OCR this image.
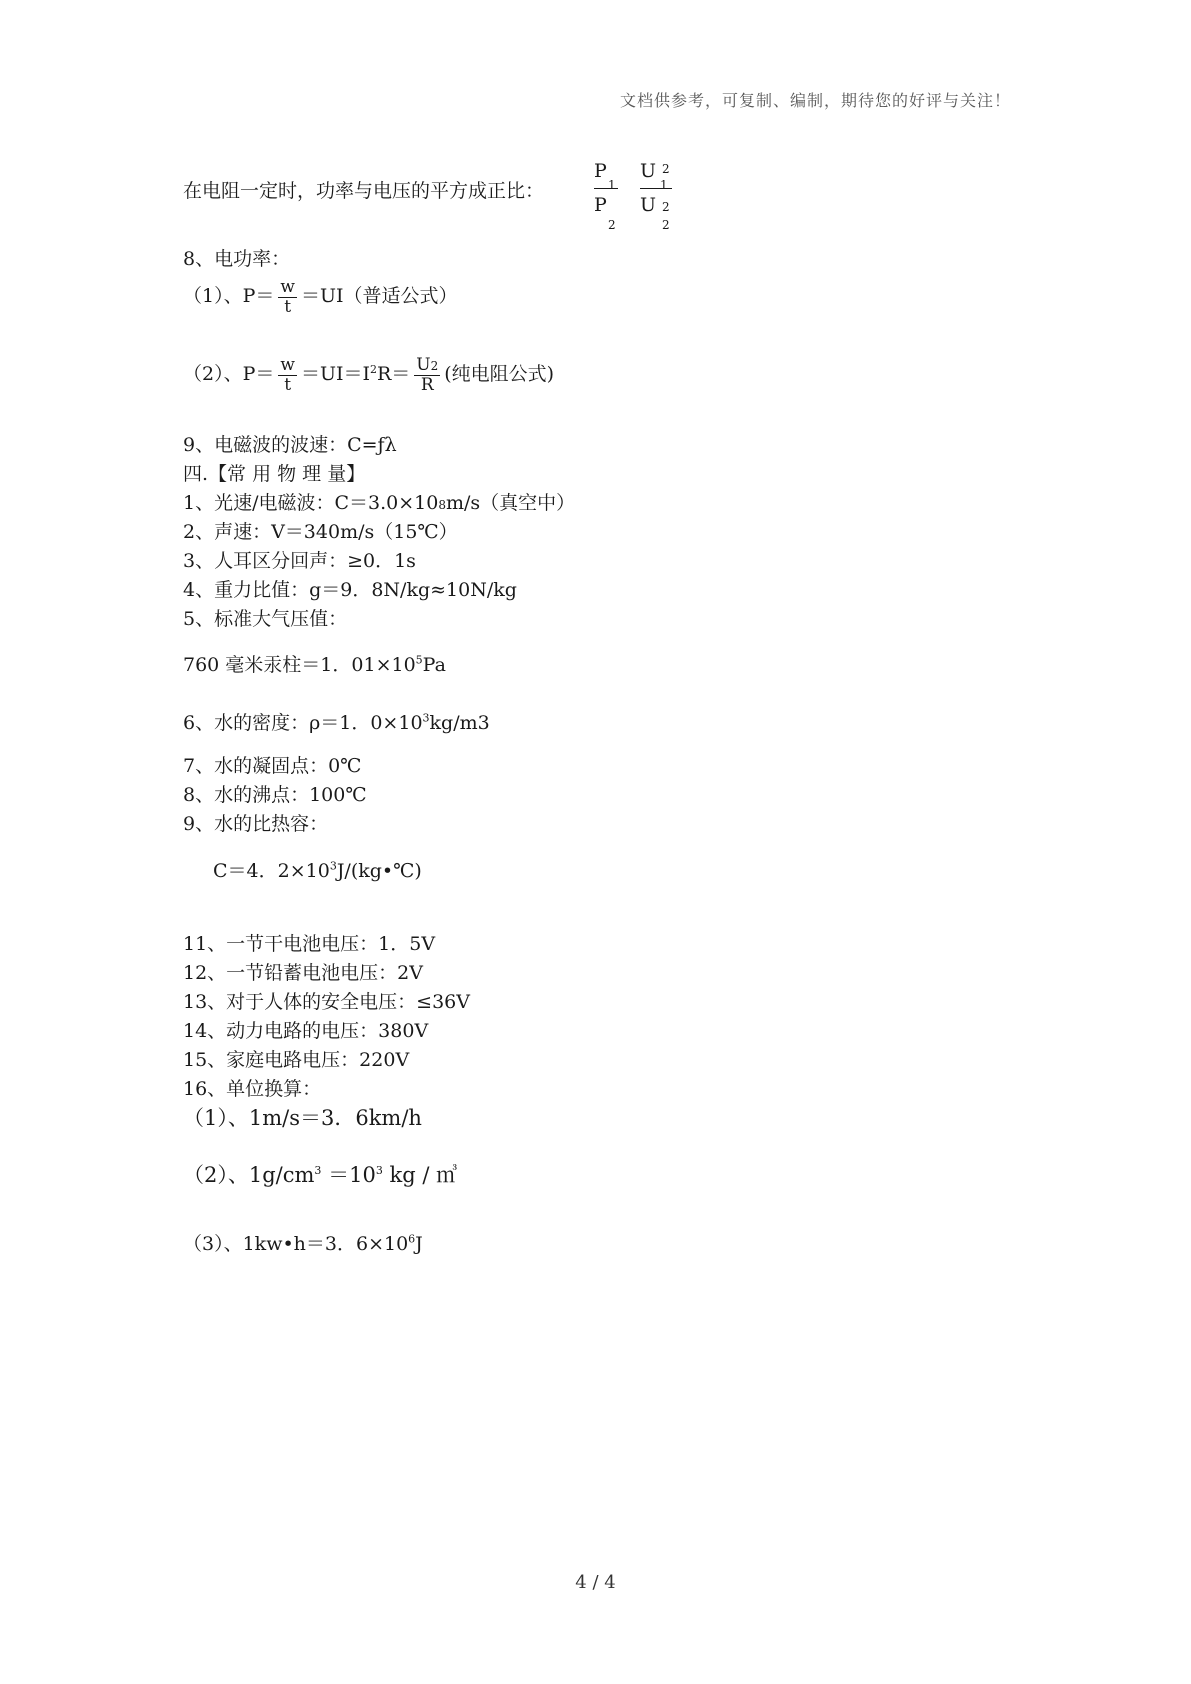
文档供参考，可复制、编制，期待您的好评与关注！
在电阻一定时，功率与电压的平方成正比：
P
1
P
2
U 2
1
U 2
2
8、电功率：
（1）、$P= \frac{w}{t} =UI$（普适公式）
（2）、$P= \frac{w}{t} =UI=I^2R= \frac{U2}{R}$ (纯电阻公式)
9、电磁波的波速：C=ƒλ
四.【常 用 物 理 量】
1、光速/电磁波：C＝3.0×108m/s（真空中）
2、声速：V＝340m/s（15℃）
3、人耳区分回声：≥0．1s
4、重力比值：g＝9．8N/kg≈10N/kg
5、标准大气压值：
760 毫米汞柱＝1．$01\times 10^5Pa$
6、水的密度：ρ＝1．$0\times 10^3kg/m3$
7、水的凝固点：0℃
8、水的沸点：100℃
9、水的比热容：
C＝4．$2\times 10^3J/(kg•℃)$
11、一节干电池电压：1．5V
12、一节铅蓄电池电压：2V
13、对于人体的安全电压：≤36V
14、动力电路的电压：380V
15、家庭电路电压：220V
16、单位换算：
（1）、1m/s＝3．6km/h
（2）、$1g/cm^3 =10^3$ kg / ㎥
（3）、1kw•h＝3．$6\times 10^6J$
4 / 4
